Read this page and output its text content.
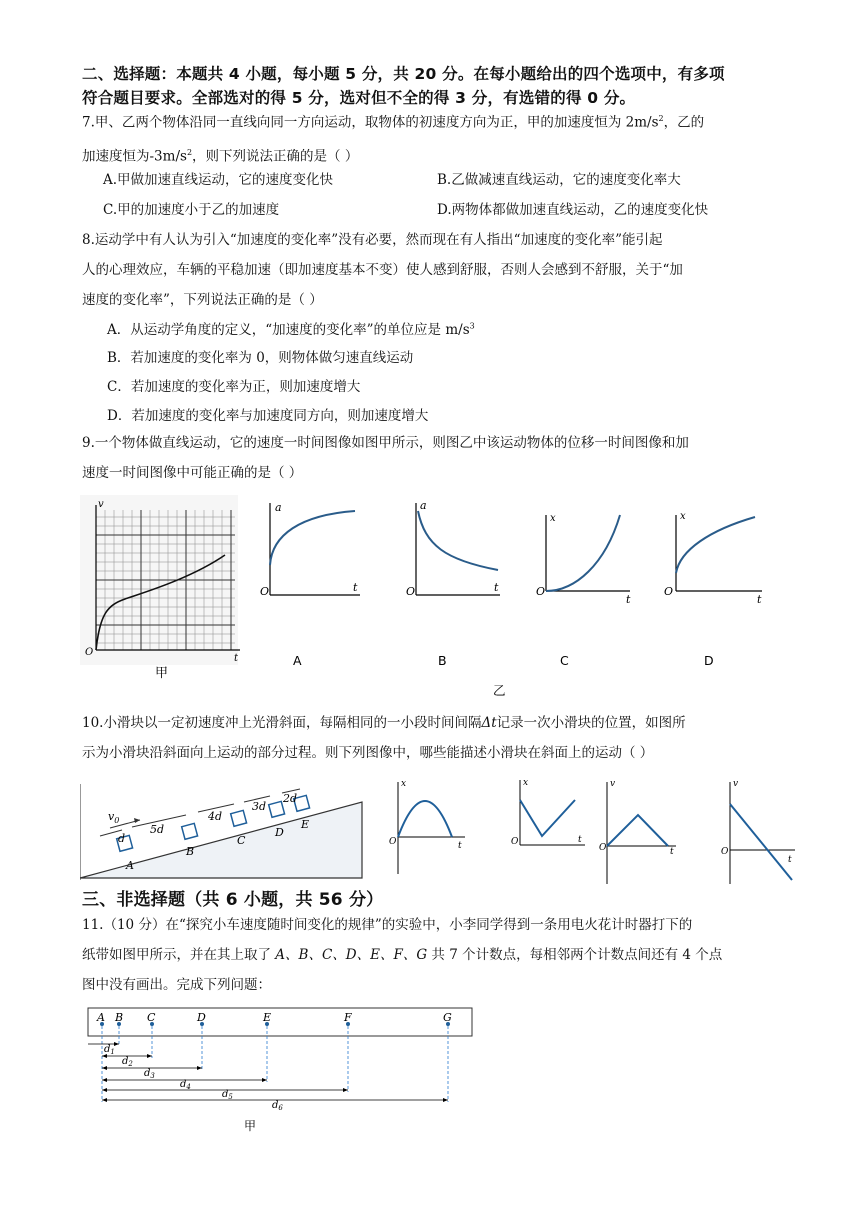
二、选择题：本题共 4 小题，每小题 5 分，共 20 分。在每小题给出的四个选项中，有多项
符合题目要求。全部选对的得 5 分，选对但不全的得 3 分，有选错的得 0 分。
7.甲、乙两个物体沿同一直线向同一方向运动，取物体的初速度方向为正，甲的加速度恒为 $2m/s^2$，乙的
加速度恒为$-3m/s^2$，则下列说法正确的是（ ）
A.甲做加速直线运动，它的速度变化快	B.乙做减速直线运动，它的速度变化率大
C.甲的加速度小于乙的加速度	D.两物体都做加速直线运动，乙的速度变化快
8.运动学中有人认为引入“加速度的变化率”没有必要，然而现在有人指出“加速度的变化率”能引起
人的心理效应，车辆的平稳加速（即加速度基本不变）使人感到舒服，否则人会感到不舒服，关于“加
速度的变化率”，下列说法正确的是（ ）
A．从运动学角度的定义，“加速度的变化率”的单位应是 $m/s^3$
B．若加速度的变化率为 0，则物体做匀速直线运动
C．若加速度的变化率为正，则加速度增大
D．若加速度的变化率与加速度同方向，则加速度增大
9.一个物体做直线运动，它的速度一时间图像如图甲所示，则图乙中该运动物体的位移一时间图像和加
速度一时间图像中可能正确的是（ ）
v
O
t
甲
a
O	t
A
a
O	t
B
x
O
t
C
x
O
t
D
乙
10.小滑块以一定初速度冲上光滑斜面，每隔相同的一小段时间间隔Δt记录一次小滑块的位置，如图所
示为小滑块沿斜面向上运动的部分过程。则下列图像中，哪些能描述小滑块在斜面上的运动（ ）
$v_0$
d
5d
4d
3d
2d
A
B
C
D
E
x
O	t
x
O	t
v
O	t
v
O
t
三、非选择题（共 6 小题，共 56 分）
11.（10 分）在“探究小车速度随时间变化的规律”的实验中，小李同学得到一条用电火花计时器打下的
纸带如图甲所示，并在其上取了 A、B、C、D、E、F、G 共 7 个计数点，每相邻两个计数点间还有 4 个点
图中没有画出。完成下列问题：
A B C	D	E	F	G
$d_1$
$d_2$
$d_3$
$d_4$
$d_5$
$d_6$
甲
